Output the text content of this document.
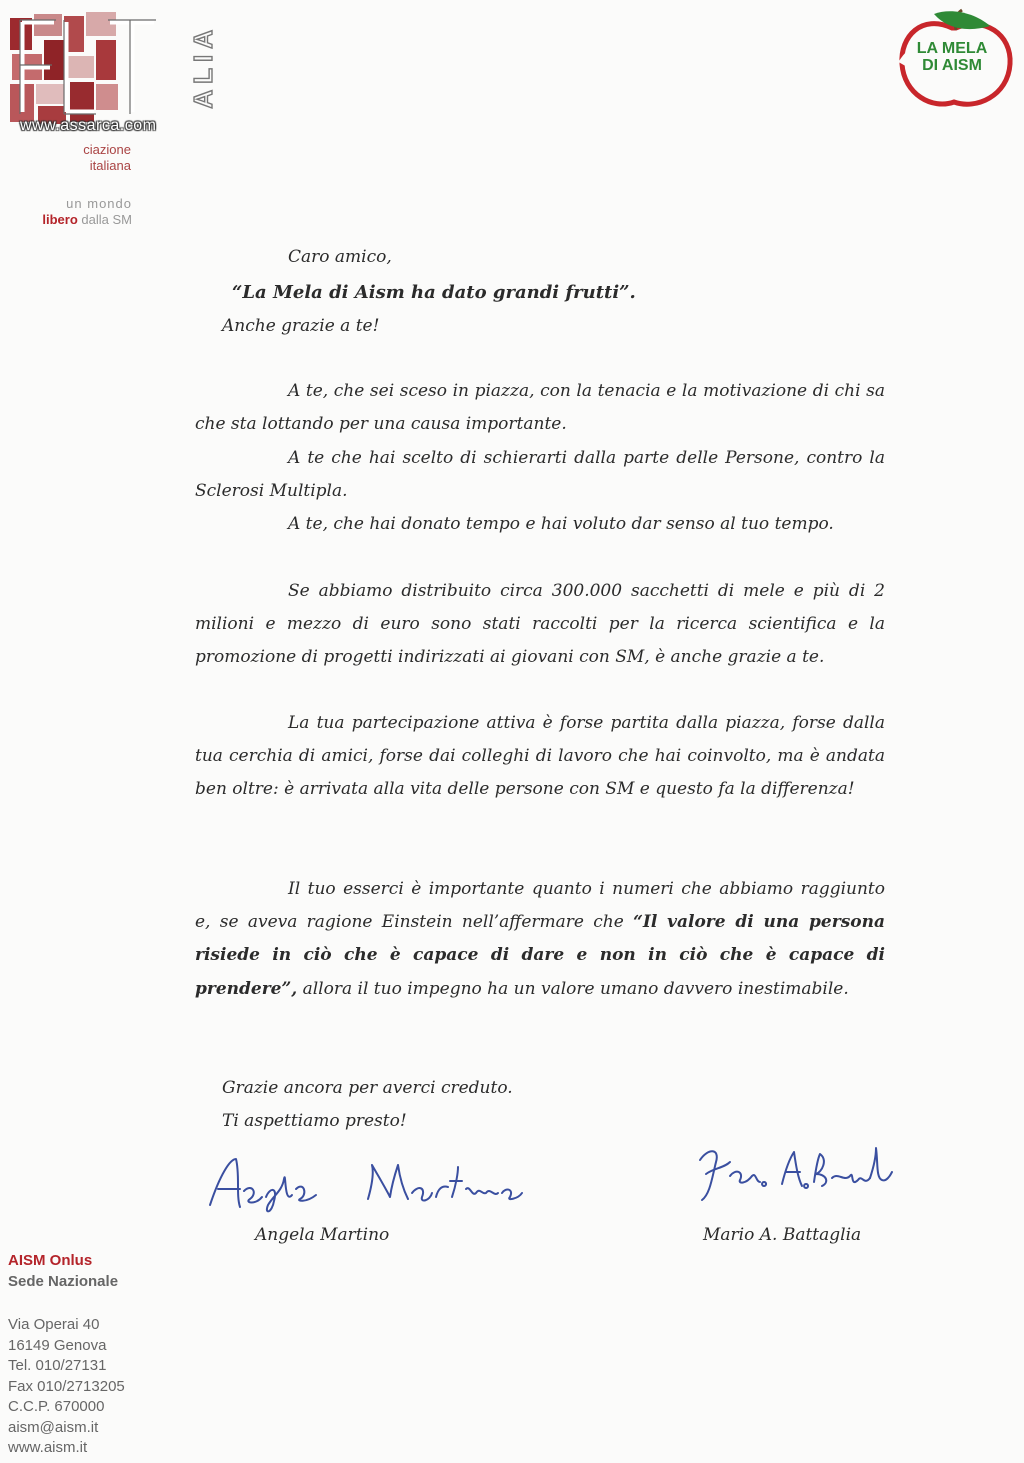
ALIA
www.assarca.com
ciazione
italiana
un mondo
libero dalla SM
LA MELA
DI AISM
Caro amico,
“La Mela di Aism ha dato grandi frutti”.
Anche grazie a te!
A te, che sei sceso in piazza, con la tenacia e la motivazione di chi sa che sta lottando per una causa importante.
A te che hai scelto di schierarti dalla parte delle Persone, contro la Sclerosi Multipla.
A te, che hai donato tempo e hai voluto dar senso al tuo tempo.
Se abbiamo distribuito circa 300.000 sacchetti di mele e più di 2 milioni e mezzo di euro sono stati raccolti per la ricerca scientifica e la promozione di progetti indirizzati ai giovani con SM, è anche grazie a te.
La tua partecipazione attiva è forse partita dalla piazza, forse dalla tua cerchia di amici, forse dai colleghi di lavoro che hai coinvolto, ma è andata ben oltre: è arrivata alla vita delle persone con SM e questo fa la differenza!
Il tuo esserci è importante quanto i numeri che abbiamo raggiunto e, se aveva ragione Einstein nell’affermare che “Il valore di una persona risiede in ciò che è capace di dare e non in ciò che è capace di prendere”, allora il tuo impegno ha un valore umano davvero inestimabile.
Grazie ancora per averci creduto.
Ti aspettiamo presto!
Angela Martino	Mario A. Battaglia
AISM Onlus
Sede Nazionale
Via Operai 40
16149 Genova
Tel. 010/27131
Fax 010/2713205
C.C.P. 670000
aism@aism.it
www.aism.it
